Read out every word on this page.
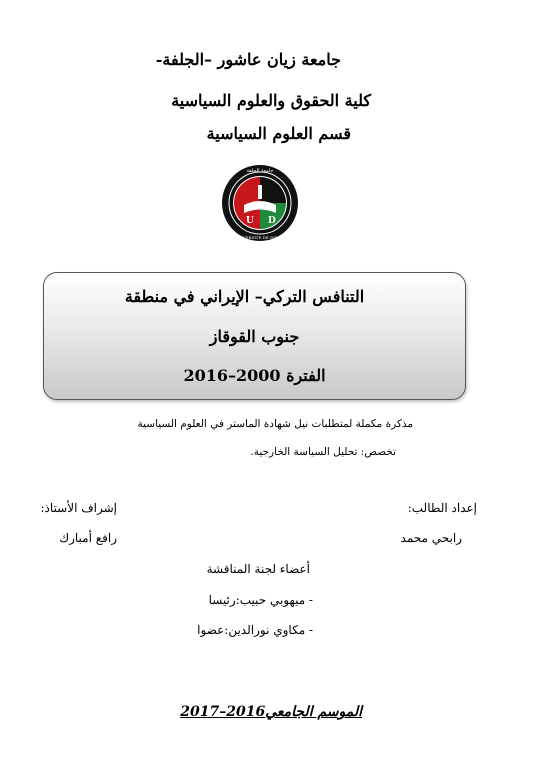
جامعة زيان عاشور –الجلفة-
كلية الحقوق والعلوم السياسية
قسم العلوم السياسية
U D
جامعة الجلفة
UNIVERSITE DE DJELFA
التنافس التركي– الإيراني في منطقة
جنوب القوقاز
الفترة 2000–2016
مذكرة مكملة لمتطلبات نيل شهادة الماستر في العلوم السياسية
تخصص: تحليل السياسة الخارجية.
إعداد الطالب:
رابحي محمد
إشراف الأستاذ:
رافع أمبارك
أعضاء لجنة المناقشة
- ميهوبي حبيب:رئيسا
- مكاوي نورالدين:عضوا
الموسم الجامعي2016–2017
